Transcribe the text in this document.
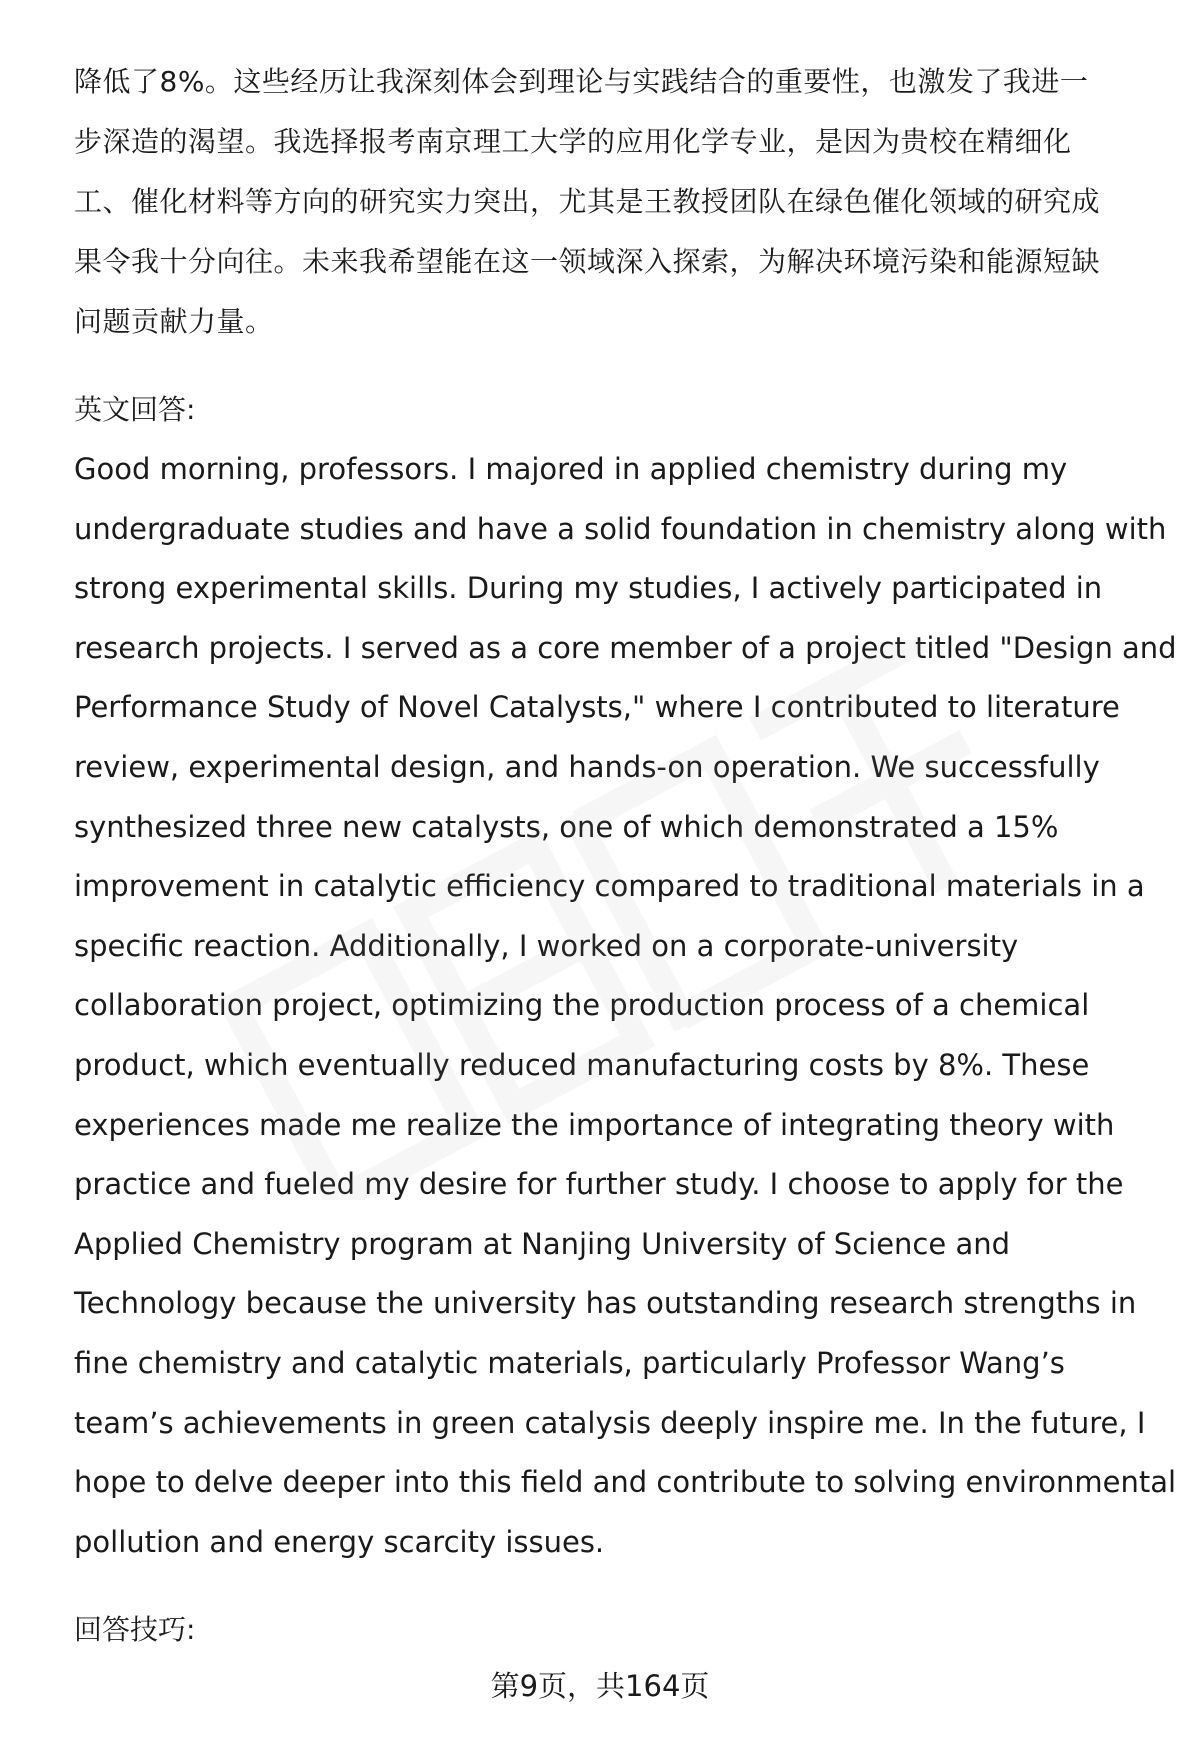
降低了8%。这些经历让我深刻体会到理论与实践结合的重要性，也激发了我进一
步深造的渴望。我选择报考南京理工大学的应用化学专业，是因为贵校在精细化
工、催化材料等方向的研究实力突出，尤其是王教授团队在绿色催化领域的研究成
果令我十分向往。未来我希望能在这一领域深入探索，为解决环境污染和能源短缺
问题贡献力量。
英文回答:
Good morning, professors. I majored in applied chemistry during my
undergraduate studies and have a solid foundation in chemistry along with
strong experimental skills. During my studies, I actively participated in
research projects. I served as a core member of a project titled "Design and
Performance Study of Novel Catalysts," where I contributed to literature
review, experimental design, and hands-on operation. We successfully
synthesized three new catalysts, one of which demonstrated a 15%
improvement in catalytic efficiency compared to traditional materials in a
specific reaction. Additionally, I worked on a corporate-university
collaboration project, optimizing the production process of a chemical
product, which eventually reduced manufacturing costs by 8%. These
experiences made me realize the importance of integrating theory with
practice and fueled my desire for further study. I choose to apply for the
Applied Chemistry program at Nanjing University of Science and
Technology because the university has outstanding research strengths in
fine chemistry and catalytic materials, particularly Professor Wang’s
team’s achievements in green catalysis deeply inspire me. In the future, I
hope to delve deeper into this field and contribute to solving environmental
pollution and energy scarcity issues.
回答技巧:
第9页，共164页
